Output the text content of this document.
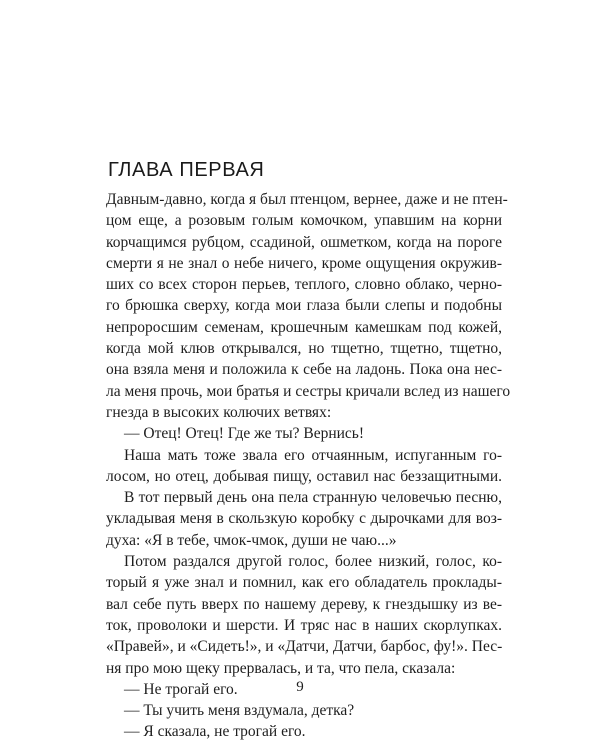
ГЛАВА ПЕРВАЯ
Давным-давно, когда я был птенцом, вернее, даже и не птен-
цом еще, а розовым голым комочком, упавшим на корни
корчащимся рубцом, ссадиной, ошметком, когда на пороге
смерти я не знал о небе ничего, кроме ощущения окружив-
ших со всех сторон перьев, теплого, словно облако, черно-
го брюшка сверху, когда мои глаза были слепы и подобны
непроросшим семенам, крошечным камешкам под кожей,
когда мой клюв открывался, но тщетно, тщетно, тщетно,
она взяла меня и положила к себе на ладонь. Пока она нес-
ла меня прочь, мои братья и сестры кричали вслед из нашего
гнезда в высоких колючих ветвях:
— Отец! Отец! Где же ты? Вернись!
Наша мать тоже звала его отчаянным, испуганным го-
лосом, но отец, добывая пищу, оставил нас беззащитными.
В тот первый день она пела странную человечью песню,
укладывая меня в скользкую коробку с дырочками для воз-
духа: «Я в тебе, чмок-чмок, души не чаю...»
Потом раздался другой голос, более низкий, голос, ко-
торый я уже знал и помнил, как его обладатель проклады-
вал себе путь вверх по нашему дереву, к гнездышку из ве-
ток, проволоки и шерсти. И тряс нас в наших скорлупках.
«Правей», и «Сидеть!», и «Датчи, Датчи, барбос, фу!». Пес-
ня про мою щеку прервалась, и та, что пела, сказала:
— Не трогай его.
— Ты учить меня вздумала, детка?
— Я сказала, не трогай его.
9
